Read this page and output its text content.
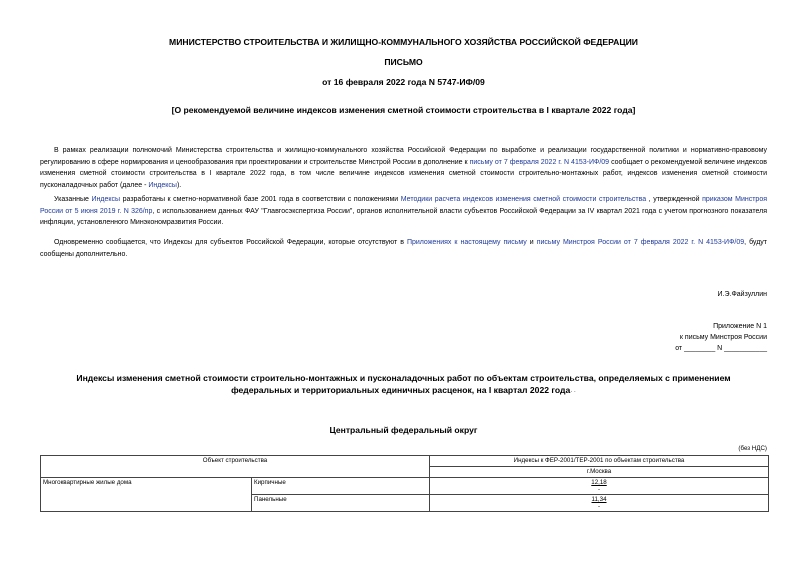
МИНИСТЕРСТВО СТРОИТЕЛЬСТВА И ЖИЛИЩНО-КОММУНАЛЬНОГО ХОЗЯЙСТВА РОССИЙСКОЙ ФЕДЕРАЦИИ
ПИСЬМО
от 16 февраля 2022 года N 5747-ИФ/09
[О рекомендуемой величине индексов изменения сметной стоимости строительства в I квартале 2022 года]

В рамках реализации полномочий Министерства строительства и жилищно-коммунального хозяйства Российской Федерации по выработке и реализации государственной политики и нормативно-правовому регулированию в сфере нормирования и ценообразования при проектировании и строительстве Минстрой России в дополнение к письму от 7 февраля 2022 г. N 4153-ИФ/09 сообщает о рекомендуемой величине индексов изменения сметной стоимости строительства в I квартале 2022 года, в том числе величине индексов изменения сметной стоимости строительно-монтажных работ, индексов изменения сметной стоимости пусконаладочных работ (далее - Индексы).

Указанные Индексы разработаны к сметно-нормативной базе 2001 года в соответствии с положениями Методики расчета индексов изменения сметной стоимости строительства , утвержденной приказом Минстроя России от 5 июня 2019 г. N 326/пр, с использованием данных ФАУ "Главгосэкспертиза России", органов исполнительной власти субъектов Российской Федерации за IV квартал 2021 года с учетом прогнозного показателя инфляции, установленного Минэкономразвития России.

Одновременно сообщается, что Индексы для субъектов Российской Федерации, которые отсутствуют в Приложениях к настоящему письму и письму Минстроя России от 7 февраля 2022 г. N 4153-ИФ/09, будут сообщены дополнительно.

И.Э.Файзуллин
Приложение N 1
к письму Минстроя России
от ________ N ___________
Индексы изменения сметной стоимости строительно-монтажных и пусконаладочных работ по объектам строительства, определяемых с применением федеральных и территориальных единичных расценок, на I квартал 2022 года· ·
Центральный федеральный округ
(без НДС)
Объект строительства		Индексы к ФЕР-2001/ТЕР-2001 по объектам строительства
		г.Москва
Многоквартирные жилые дома	Кирпичные	12,18
-

	Панельные	11,34
-
